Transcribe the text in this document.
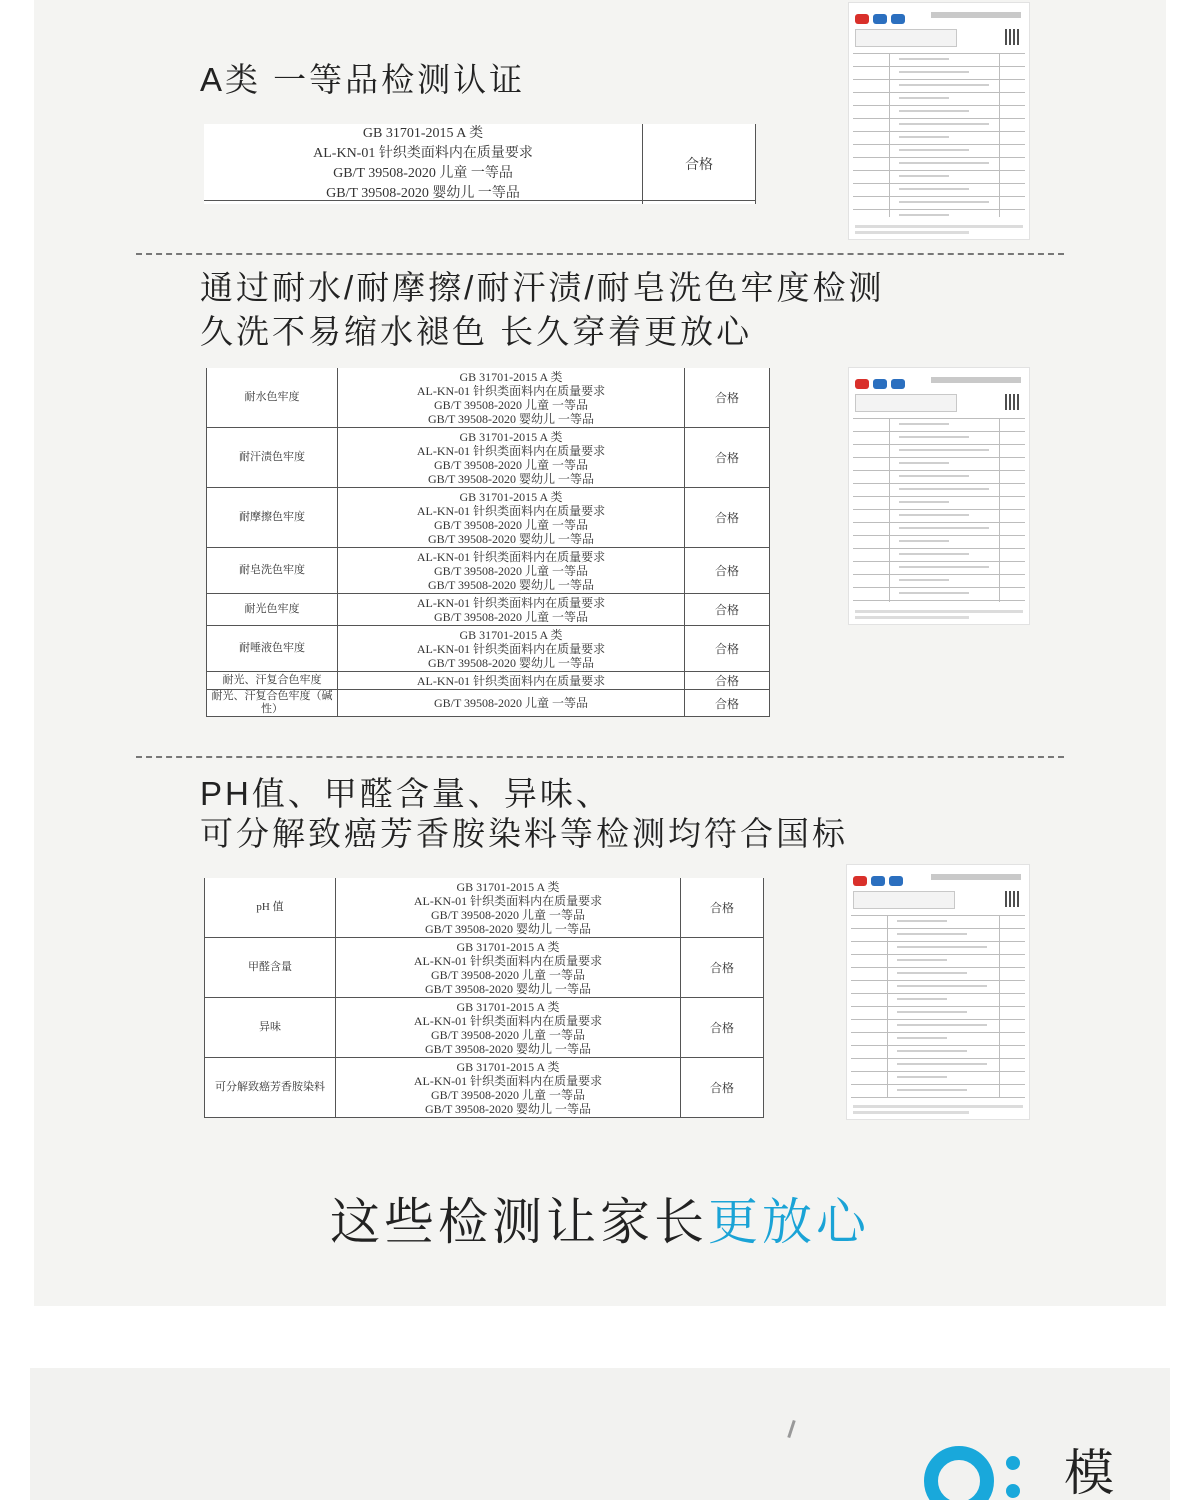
A类 一等品检测认证
GB 31701-2015 A 类
AL-KN-01 针织类面料内在质量要求
GB/T 39508-2020 儿童 一等品
GB/T 39508-2020 婴幼儿 一等品
	合格
通过耐水/耐摩擦/耐汗渍/耐皂洗色牢度检测
久洗不易缩水褪色 长久穿着更放心
耐水色牢度	GB 31701-2015 A 类
AL-KN-01 针织类面料内在质量要求
GB/T 39508-2020 儿童 一等品
GB/T 39508-2020 婴幼儿 一等品	合格
耐汗渍色牢度	GB 31701-2015 A 类
AL-KN-01 针织类面料内在质量要求
GB/T 39508-2020 儿童 一等品
GB/T 39508-2020 婴幼儿 一等品	合格
耐摩擦色牢度	GB 31701-2015 A 类
AL-KN-01 针织类面料内在质量要求
GB/T 39508-2020 儿童 一等品
GB/T 39508-2020 婴幼儿 一等品	合格
耐皂洗色牢度	AL-KN-01 针织类面料内在质量要求
GB/T 39508-2020 儿童 一等品
GB/T 39508-2020 婴幼儿 一等品	合格
耐光色牢度	AL-KN-01 针织类面料内在质量要求
GB/T 39508-2020 儿童 一等品	合格
耐唾液色牢度	GB 31701-2015 A 类
AL-KN-01 针织类面料内在质量要求
GB/T 39508-2020 婴幼儿 一等品	合格
耐光、汗复合色牢度	AL-KN-01 针织类面料内在质量要求	合格
耐光、汗复合色牢度（碱性）	GB/T 39508-2020 儿童 一等品	合格
PH值、甲醛含量、异味、
可分解致癌芳香胺染料等检测均符合国标
pH 值	GB 31701-2015 A 类
AL-KN-01 针织类面料内在质量要求
GB/T 39508-2020 儿童 一等品
GB/T 39508-2020 婴幼儿 一等品	合格
甲醛含量	GB 31701-2015 A 类
AL-KN-01 针织类面料内在质量要求
GB/T 39508-2020 儿童 一等品
GB/T 39508-2020 婴幼儿 一等品	合格
异味	GB 31701-2015 A 类
AL-KN-01 针织类面料内在质量要求
GB/T 39508-2020 儿童 一等品
GB/T 39508-2020 婴幼儿 一等品	合格
可分解致癌芳香胺染料	GB 31701-2015 A 类
AL-KN-01 针织类面料内在质量要求
GB/T 39508-2020 儿童 一等品
GB/T 39508-2020 婴幼儿 一等品	合格
这些检测让家长更放心
模
